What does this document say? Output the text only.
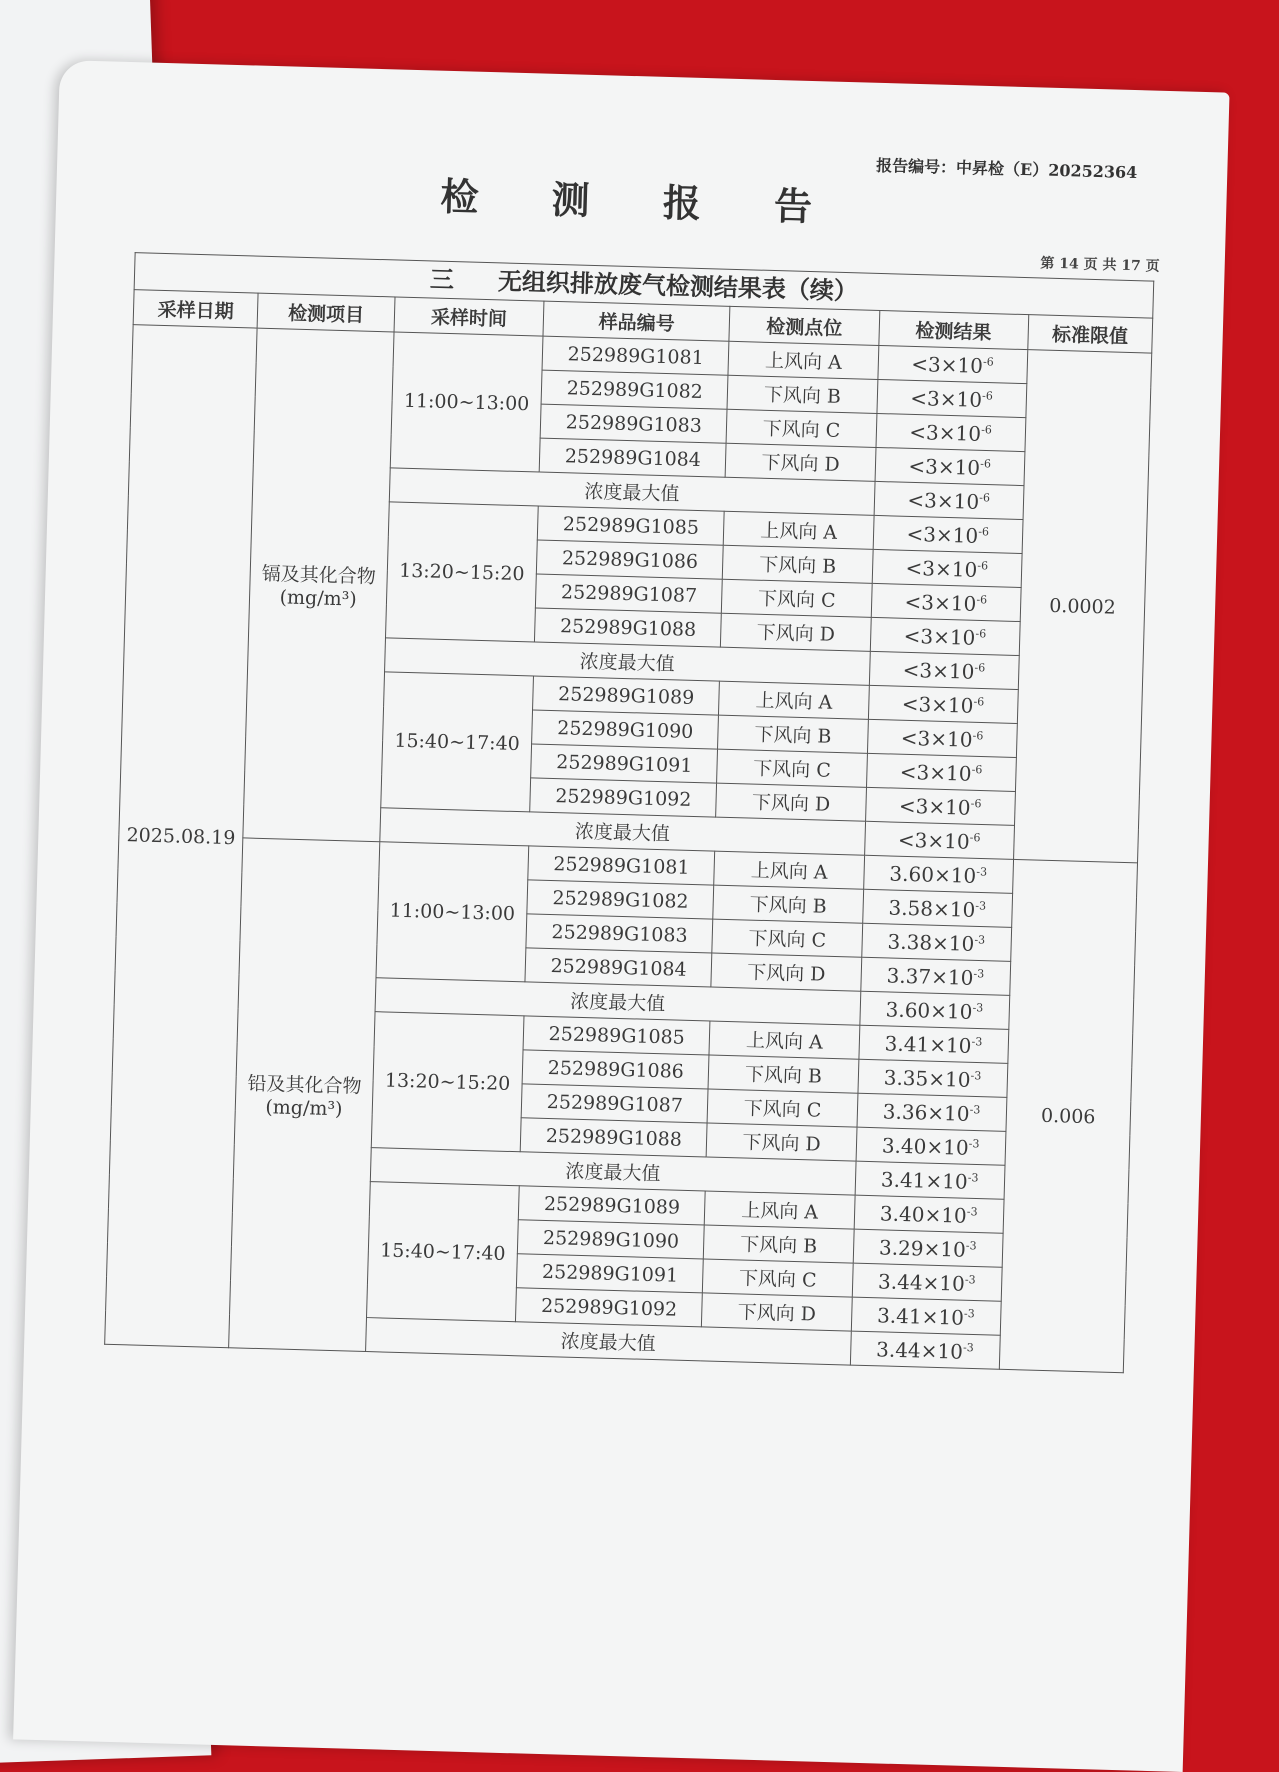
报告编号：中昇检（E）20252364
检 测 报 告
第 14 页 共 17 页
三 无组织排放废气检测结果表（续）
采样日期	检测项目	采样时间	样品编号	检测点位	检测结果	标准限值
2025.08.19	镉及其化合物(mg/m³)	11:00~13:00	252989G1081	上风向 A	$<3\times 10^{-6}$	0.0002
			252989G1082	下风向 B	$<3\times 10^{-6}$
			252989G1083	下风向 C	$<3\times 10^{-6}$
			252989G1084	下风向 D	$<3\times 10^{-6}$
		浓度最大值			$<3\times 10^{-6}$
		13:20~15:20	252989G1085	上风向 A	$<3\times 10^{-6}$
			252989G1086	下风向 B	$<3\times 10^{-6}$
			252989G1087	下风向 C	$<3\times 10^{-6}$
			252989G1088	下风向 D	$<3\times 10^{-6}$
		浓度最大值			$<3\times 10^{-6}$
		15:40~17:40	252989G1089	上风向 A	$<3\times 10^{-6}$
			252989G1090	下风向 B	$<3\times 10^{-6}$
			252989G1091	下风向 C	$<3\times 10^{-6}$
			252989G1092	下风向 D	$<3\times 10^{-6}$
		浓度最大值			$<3\times 10^{-6}$
	铅及其化合物(mg/m³)	11:00~13:00	252989G1081	上风向 A	$3.60\times 10^{-3}$	0.006
			252989G1082	下风向 B	$3.58\times 10^{-3}$
			252989G1083	下风向 C	$3.38\times 10^{-3}$
			252989G1084	下风向 D	$3.37\times 10^{-3}$
		浓度最大值			$3.60\times 10^{-3}$
		13:20~15:20	252989G1085	上风向 A	$3.41\times 10^{-3}$
			252989G1086	下风向 B	$3.35\times 10^{-3}$
			252989G1087	下风向 C	$3.36\times 10^{-3}$
			252989G1088	下风向 D	$3.40\times 10^{-3}$
		浓度最大值			$3.41\times 10^{-3}$
		15:40~17:40	252989G1089	上风向 A	$3.40\times 10^{-3}$
			252989G1090	下风向 B	$3.29\times 10^{-3}$
			252989G1091	下风向 C	$3.44\times 10^{-3}$
			252989G1092	下风向 D	$3.41\times 10^{-3}$
		浓度最大值			$3.44\times 10^{-3}$
